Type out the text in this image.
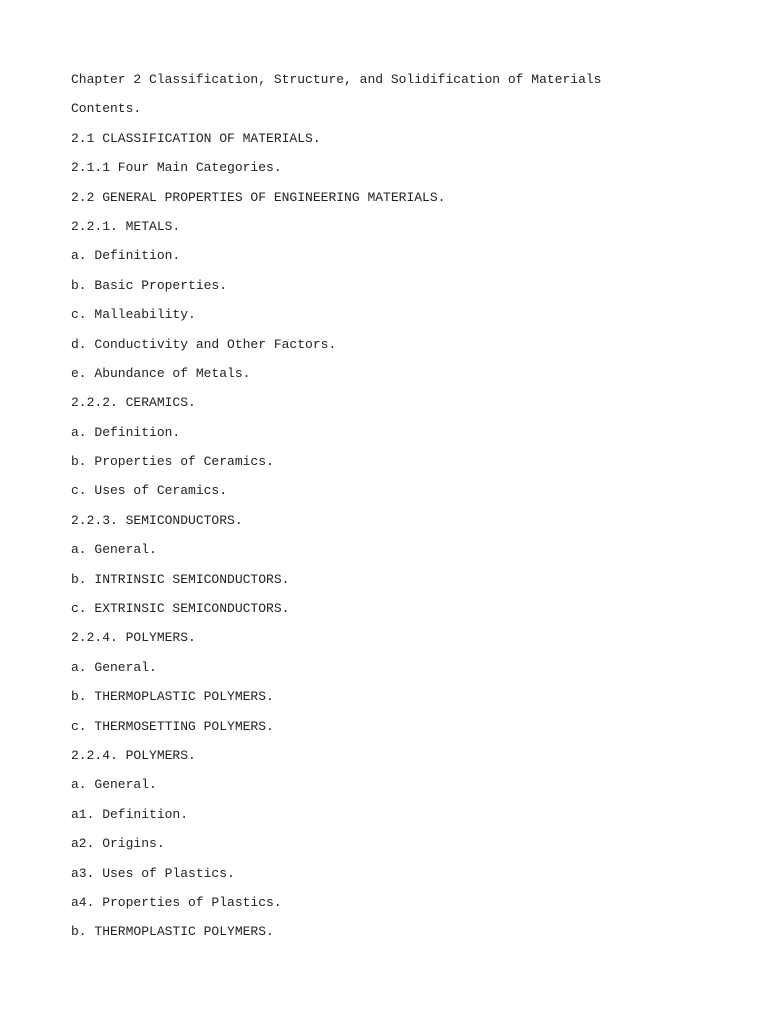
Chapter 2 Classification, Structure, and Solidification of Materials
Contents.
2.1 CLASSIFICATION OF MATERIALS.
2.1.1 Four Main Categories.
2.2 GENERAL PROPERTIES OF ENGINEERING MATERIALS.
2.2.1. METALS.
a. Definition.
b. Basic Properties.
c. Malleability.
d. Conductivity and Other Factors.
e. Abundance of Metals.
2.2.2. CERAMICS.
a. Definition.
b. Properties of Ceramics.
c. Uses of Ceramics.
2.2.3. SEMICONDUCTORS.
a. General.
b. INTRINSIC SEMICONDUCTORS.
c. EXTRINSIC SEMICONDUCTORS.
2.2.4. POLYMERS.
a. General.
b. THERMOPLASTIC POLYMERS.
c. THERMOSETTING POLYMERS.
2.2.4. POLYMERS.
a. General.
a1. Definition.
a2. Origins.
a3. Uses of Plastics.
a4. Properties of Plastics.
b. THERMOPLASTIC POLYMERS.
